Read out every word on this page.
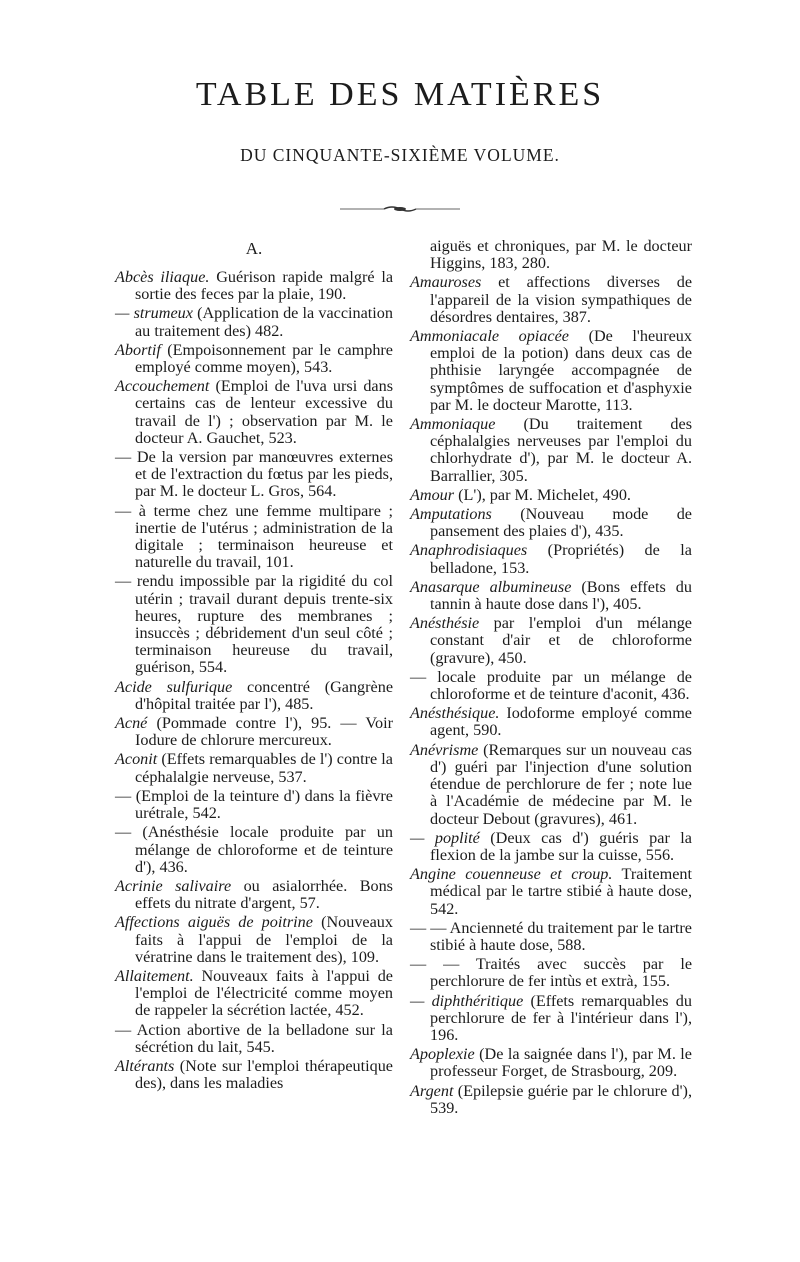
TABLE DES MATIÈRES
DU CINQUANTE-SIXIÈME VOLUME.
A.
Abcès iliaque. Guérison rapide malgré la sortie des feces par la plaie, 190.
— strumeux (Application de la vaccination au traitement des) 482.
Abortif (Empoisonnement par le camphre employé comme moyen), 543.
Accouchement (Emploi de l'uva ursi dans certains cas de lenteur excessive du travail de l') ; observation par M. le docteur A. Gauchet, 523.
— De la version par manœuvres externes et de l'extraction du fœtus par les pieds, par M. le docteur L. Gros, 564.
— à terme chez une femme multipare ; inertie de l'utérus ; administration de la digitale ; terminaison heureuse et naturelle du travail, 101.
— rendu impossible par la rigidité du col utérin ; travail durant depuis trente-six heures, rupture des membranes ; insuccès ; débridement d'un seul côté ; terminaison heureuse du travail, guérison, 554.
Acide sulfurique concentré (Gangrène d'hôpital traitée par l'), 485.
Acné (Pommade contre l'), 95. — Voir Iodure de chlorure mercureux.
Aconit (Effets remarquables de l') contre la céphalalgie nerveuse, 537.
— (Emploi de la teinture d') dans la fièvre urétrale, 542.
— (Anésthésie locale produite par un mélange de chloroforme et de teinture d'), 436.
Acrinie salivaire ou asialorrhée. Bons effets du nitrate d'argent, 57.
Affections aiguës de poitrine (Nouveaux faits à l'appui de l'emploi de la vératrine dans le traitement des), 109.
Allaitement. Nouveaux faits à l'appui de l'emploi de l'électricité comme moyen de rappeler la sécrétion lactée, 452.
— Action abortive de la belladone sur la sécrétion du lait, 545.
Altérants (Note sur l'emploi thérapeutique des), dans les maladies
aiguës et chroniques, par M. le docteur Higgins, 183, 280.
Amauroses et affections diverses de l'appareil de la vision sympathiques de désordres dentaires, 387.
Ammoniacale opiacée (De l'heureux emploi de la potion) dans deux cas de phthisie laryngée accompagnée de symptômes de suffocation et d'asphyxie par M. le docteur Marotte, 113.
Ammoniaque (Du traitement des céphalalgies nerveuses par l'emploi du chlorhydrate d'), par M. le docteur A. Barrallier, 305.
Amour (L'), par M. Michelet, 490.
Amputations (Nouveau mode de pansement des plaies d'), 435.
Anaphrodisiaques (Propriétés) de la belladone, 153.
Anasarque albumineuse (Bons effets du tannin à haute dose dans l'), 405.
Anésthésie par l'emploi d'un mélange constant d'air et de chloroforme (gravure), 450.
— locale produite par un mélange de chloroforme et de teinture d'aconit, 436.
Anésthésique. Iodoforme employé comme agent, 590.
Anévrisme (Remarques sur un nouveau cas d') guéri par l'injection d'une solution étendue de perchlorure de fer ; note lue à l'Académie de médecine par M. le docteur Debout (gravures), 461.
— poplité (Deux cas d') guéris par la flexion de la jambe sur la cuisse, 556.
Angine couenneuse et croup. Traitement médical par le tartre stibié à haute dose, 542.
— — Ancienneté du traitement par le tartre stibié à haute dose, 588.
— — Traités avec succès par le perchlorure de fer intùs et extrà, 155.
— diphthéritique (Effets remarquables du perchlorure de fer à l'intérieur dans l'), 196.
Apoplexie (De la saignée dans l'), par M. le professeur Forget, de Strasbourg, 209.
Argent (Epilepsie guérie par le chlorure d'), 539.
